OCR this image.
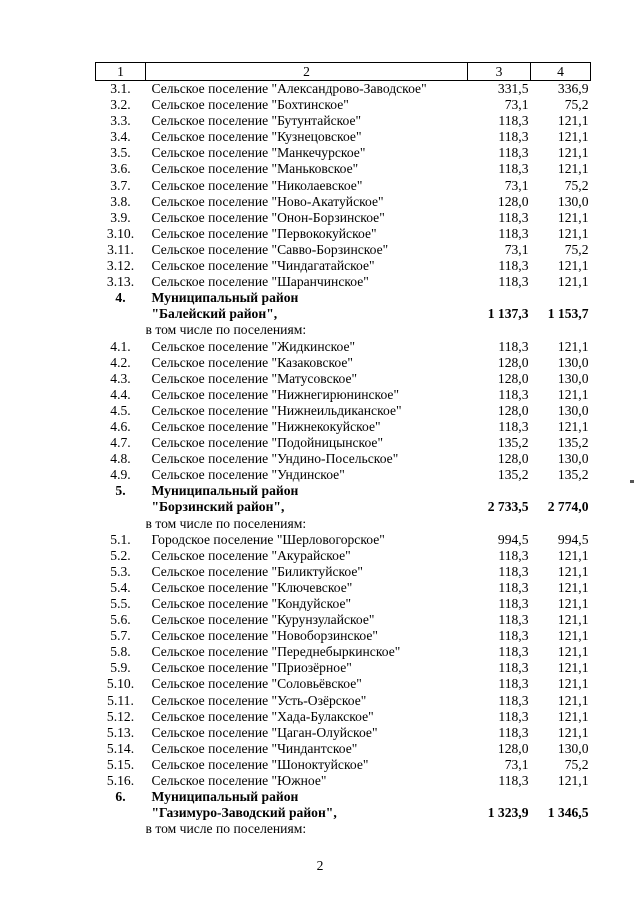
1	2	3	4
3.1.	Сельское поселение "Александрово-Заводское"	331,5	336,9
3.2.	Сельское поселение "Бохтинское"	73,1	75,2
3.3.	Сельское поселение "Бутунтайское"	118,3	121,1
3.4.	Сельское поселение "Кузнецовское"	118,3	121,1
3.5.	Сельское поселение "Манкечурское"	118,3	121,1
3.6.	Сельское поселение "Маньковское"	118,3	121,1
3.7.	Сельское поселение "Николаевское"	73,1	75,2
3.8.	Сельское поселение "Ново-Акатуйское"	128,0	130,0
3.9.	Сельское поселение "Онон-Борзинское"	118,3	121,1
3.10.	Сельское поселение "Первококуйское"	118,3	121,1
3.11.	Сельское поселение "Савво-Борзинское"	73,1	75,2
3.12.	Сельское поселение "Чиндагатайское"	118,3	121,1
3.13.	Сельское поселение "Шаранчинское"	118,3	121,1
4.	Муниципальный район		
	"Балейский район",	1 137,3	1 153,7
	в том числе по поселениям:		
4.1.	Сельское поселение "Жидкинское"	118,3	121,1
4.2.	Сельское поселение "Казаковское"	128,0	130,0
4.3.	Сельское поселение "Матусовское"	128,0	130,0
4.4.	Сельское поселение "Нижнегирюнинское"	118,3	121,1
4.5.	Сельское поселение "Нижнеильдиканское"	128,0	130,0
4.6.	Сельское поселение "Нижнекокуйское"	118,3	121,1
4.7.	Сельское поселение "Подойницынское"	135,2	135,2
4.8.	Сельское поселение "Ундино-Посельское"	128,0	130,0
4.9.	Сельское поселение "Ундинское"	135,2	135,2
5.	Муниципальный район		
	"Борзинский район",	2 733,5	2 774,0
	в том числе по поселениям:		
5.1.	Городское поселение "Шерловогорское"	994,5	994,5
5.2.	Сельское поселение "Акурайское"	118,3	121,1
5.3.	Сельское поселение "Биликтуйское"	118,3	121,1
5.4.	Сельское поселение "Ключевское"	118,3	121,1
5.5.	Сельское поселение "Кондуйское"	118,3	121,1
5.6.	Сельское поселение "Курунзулайское"	118,3	121,1
5.7.	Сельское поселение "Новоборзинское"	118,3	121,1
5.8.	Сельское поселение "Переднебыркинское"	118,3	121,1
5.9.	Сельское поселение "Приозёрное"	118,3	121,1
5.10.	Сельское поселение "Соловьёвское"	118,3	121,1
5.11.	Сельское поселение "Усть-Озёрское"	118,3	121,1
5.12.	Сельское поселение "Хада-Булакское"	118,3	121,1
5.13.	Сельское поселение "Цаган-Олуйское"	118,3	121,1
5.14.	Сельское поселение "Чиндантское"	128,0	130,0
5.15.	Сельское поселение "Шоноктуйское"	73,1	75,2
5.16.	Сельское поселение "Южное"	118,3	121,1
6.	Муниципальный район		
	"Газимуро-Заводский район",	1 323,9	1 346,5
	в том числе по поселениям:		
2
